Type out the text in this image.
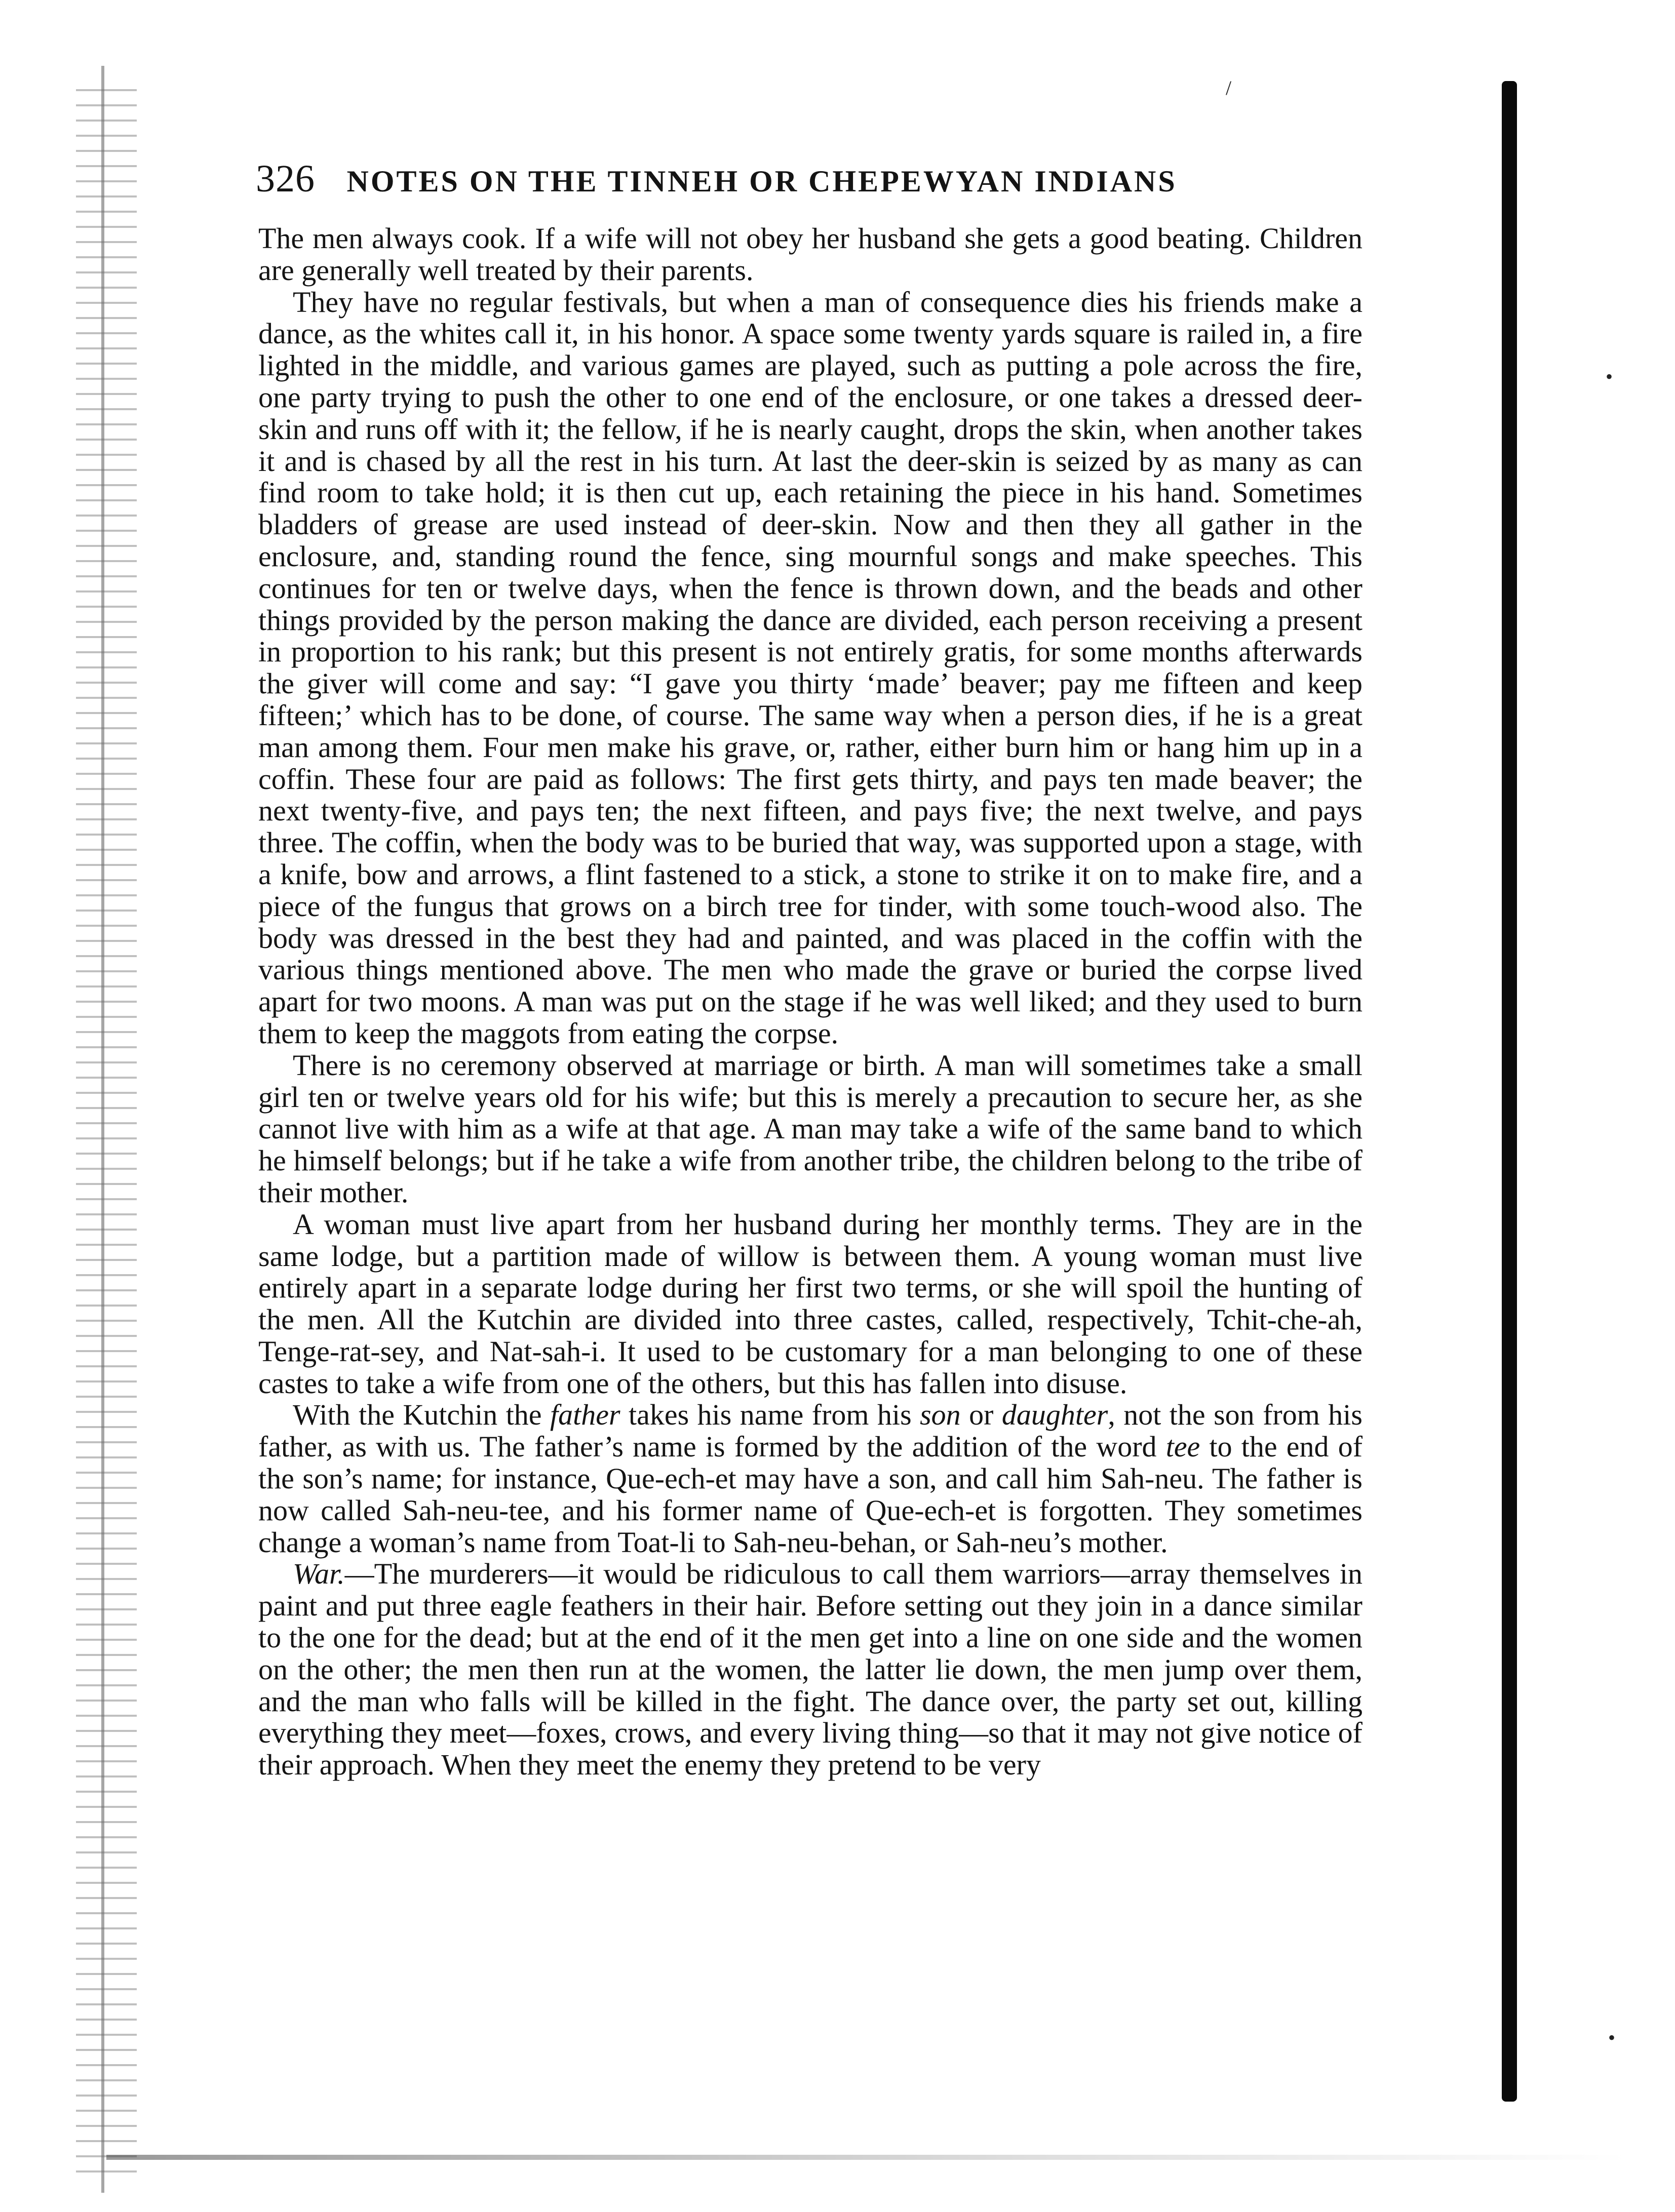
/
•
•
326 NOTES ON THE TINNEH OR CHEPEWYAN INDIANS

The men always cook. If a wife will not obey her husband she gets a good beating. Children are generally well treated by their parents.

They have no regular festivals, but when a man of consequence dies his friends make a dance, as the whites call it, in his honor. A space some twenty yards square is railed in, a fire lighted in the middle, and various games are played, such as putting a pole across the fire, one party trying to push the other to one end of the enclosure, or one takes a dressed deer-skin and runs off with it; the fellow, if he is nearly caught, drops the skin, when another takes it and is chased by all the rest in his turn. At last the deer-skin is seized by as many as can find room to take hold; it is then cut up, each retaining the piece in his hand. Sometimes bladders of grease are used instead of deer-skin. Now and then they all gather in the enclosure, and, standing round the fence, sing mournful songs and make speeches. This continues for ten or twelve days, when the fence is thrown down, and the beads and other things provided by the person making the dance are divided, each person receiving a present in proportion to his rank; but this present is not entirely gratis, for some months afterwards the giver will come and say: “I gave you thirty ‘made’ beaver; pay me fifteen and keep fifteen;’ which has to be done, of course. The same way when a person dies, if he is a great man among them. Four men make his grave, or, rather, either burn him or hang him up in a coffin. These four are paid as follows: The first gets thirty, and pays ten made beaver; the next twenty-five, and pays ten; the next fifteen, and pays five; the next twelve, and pays three. The coffin, when the body was to be buried that way, was supported upon a stage, with a knife, bow and arrows, a flint fastened to a stick, a stone to strike it on to make fire, and a piece of the fungus that grows on a birch tree for tinder, with some touch-wood also. The body was dressed in the best they had and painted, and was placed in the coffin with the various things mentioned above. The men who made the grave or buried the corpse lived apart for two moons. A man was put on the stage if he was well liked; and they used to burn them to keep the maggots from eating the corpse.

There is no ceremony observed at marriage or birth. A man will sometimes take a small girl ten or twelve years old for his wife; but this is merely a precaution to secure her, as she cannot live with him as a wife at that age. A man may take a wife of the same band to which he himself belongs; but if he take a wife from another tribe, the children belong to the tribe of their mother.

A woman must live apart from her husband during her monthly terms. They are in the same lodge, but a partition made of willow is between them. A young woman must live entirely apart in a separate lodge during her first two terms, or she will spoil the hunting of the men. All the Kutchin are divided into three castes, called, respectively, Tchit-che-ah, Tenge-rat-sey, and Nat-sah-i. It used to be customary for a man belonging to one of these castes to take a wife from one of the others, but this has fallen into disuse.

With the Kutchin the father takes his name from his son or daughter, not the son from his father, as with us. The father’s name is formed by the addition of the word tee to the end of the son’s name; for instance, Que-ech-et may have a son, and call him Sah-neu. The father is now called Sah-neu-tee, and his former name of Que-ech-et is forgotten. They sometimes change a woman’s name from Toat-li to Sah-neu-behan, or Sah-neu’s mother.

War.—The murderers—it would be ridiculous to call them warriors—array themselves in paint and put three eagle feathers in their hair. Before setting out they join in a dance similar to the one for the dead; but at the end of it the men get into a line on one side and the women on the other; the men then run at the women, the latter lie down, the men jump over them, and the man who falls will be killed in the fight. The dance over, the party set out, killing everything they meet—foxes, crows, and every living thing—so that it may not give notice of their approach. When they meet the enemy they pretend to be very
